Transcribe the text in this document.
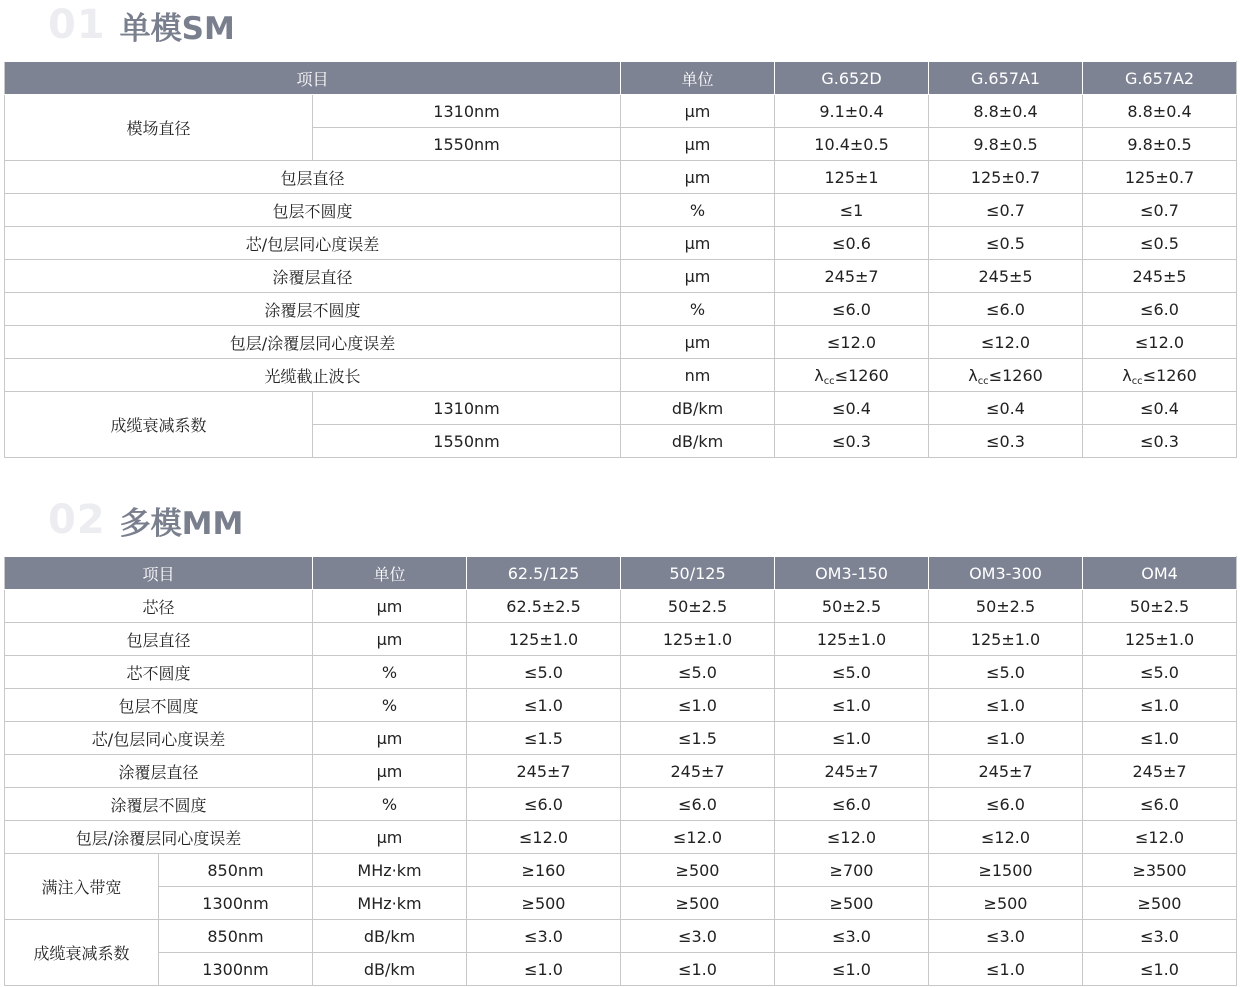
01 单模SM
项目		单位	G.652D	G.657A1	G.657A2
模场直径	1310nm	μm	9.1±0.4	8.8±0.4	8.8±0.4
	1550nm	μm	10.4±0.5	9.8±0.5	9.8±0.5
包层直径		μm	125±1	125±0.7	125±0.7
包层不圆度		%	≤1	≤0.7	≤0.7
芯/包层同心度误差		μm	≤0.6	≤0.5	≤0.5
涂覆层直径		μm	245±7	245±5	245±5
涂覆层不圆度		%	≤6.0	≤6.0	≤6.0
包层/涂覆层同心度误差		μm	≤12.0	≤12.0	≤12.0
光缆截止波长		nm	$\lambda_{cc}\le 1260$	$\lambda_{cc}\le 1260$	$\lambda_{cc}\le 1260$
成缆衰减系数	1310nm	dB/km	≤0.4	≤0.4	≤0.4
	1550nm	dB/km	≤0.3	≤0.3	≤0.3
02 多模MM
项目		单位	62.5/125	50/125	OM3-150	OM3-300	OM4
芯径		μm	62.5±2.5	50±2.5	50±2.5	50±2.5	50±2.5
包层直径		μm	125±1.0	125±1.0	125±1.0	125±1.0	125±1.0
芯不圆度		%	≤5.0	≤5.0	≤5.0	≤5.0	≤5.0
包层不圆度		%	≤1.0	≤1.0	≤1.0	≤1.0	≤1.0
芯/包层同心度误差		μm	≤1.5	≤1.5	≤1.0	≤1.0	≤1.0
涂覆层直径		μm	245±7	245±7	245±7	245±7	245±7
涂覆层不圆度		%	≤6.0	≤6.0	≤6.0	≤6.0	≤6.0
包层/涂覆层同心度误差		μm	≤12.0	≤12.0	≤12.0	≤12.0	≤12.0
满注入带宽	850nm	MHz·km	≥160	≥500	≥700	≥1500	≥3500
	1300nm	MHz·km	≥500	≥500	≥500	≥500	≥500
成缆衰减系数	850nm	dB/km	≤3.0	≤3.0	≤3.0	≤3.0	≤3.0
	1300nm	dB/km	≤1.0	≤1.0	≤1.0	≤1.0	≤1.0
